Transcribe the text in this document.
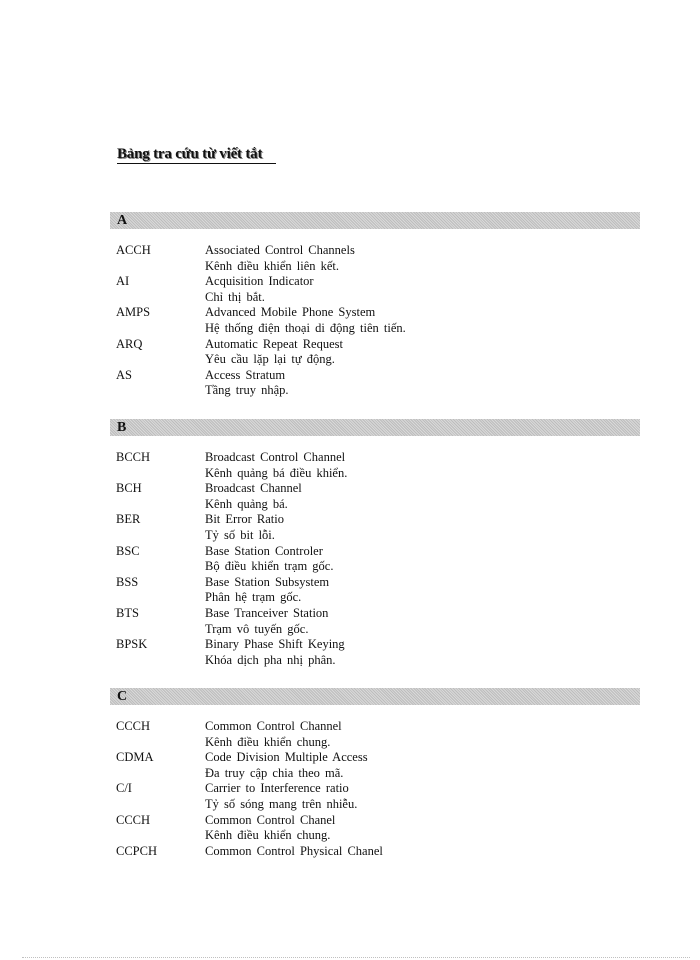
Bảng tra cứu từ viết tắt
A
ACCH	Associated Control Channels
Kênh điều khiển liên kết.
AI	Acquisition Indicator
Chỉ thị bắt.
AMPS	Advanced Mobile Phone System
Hệ thống điện thoại di động tiên tiến.
ARQ	Automatic Repeat Request
Yêu cầu lặp lại tự động.
AS	Access Stratum
Tầng truy nhập.
B
BCCH	Broadcast Control Channel
Kênh quảng bá điều khiển.
BCH	Broadcast Channel
Kênh quảng bá.
BER	Bit Error Ratio
Tỷ số bit lỗi.
BSC	Base Station Controler
Bộ điều khiển trạm gốc.
BSS	Base Station Subsystem
Phân hệ trạm gốc.
BTS	Base Tranceiver Station
Trạm vô tuyến gốc.
BPSK	Binary Phase Shift Keying
Khóa dịch pha nhị phân.
C
CCCH	Common Control Channel
Kênh điều khiển chung.
CDMA	Code Division Multiple Access
Đa truy cập chia theo mã.
C/I	Carrier to Interference ratio
Tỷ số sóng mang trên nhiễu.
CCCH	Common Control Chanel
Kênh điều khiển chung.
CCPCH	Common Control Physical Chanel
